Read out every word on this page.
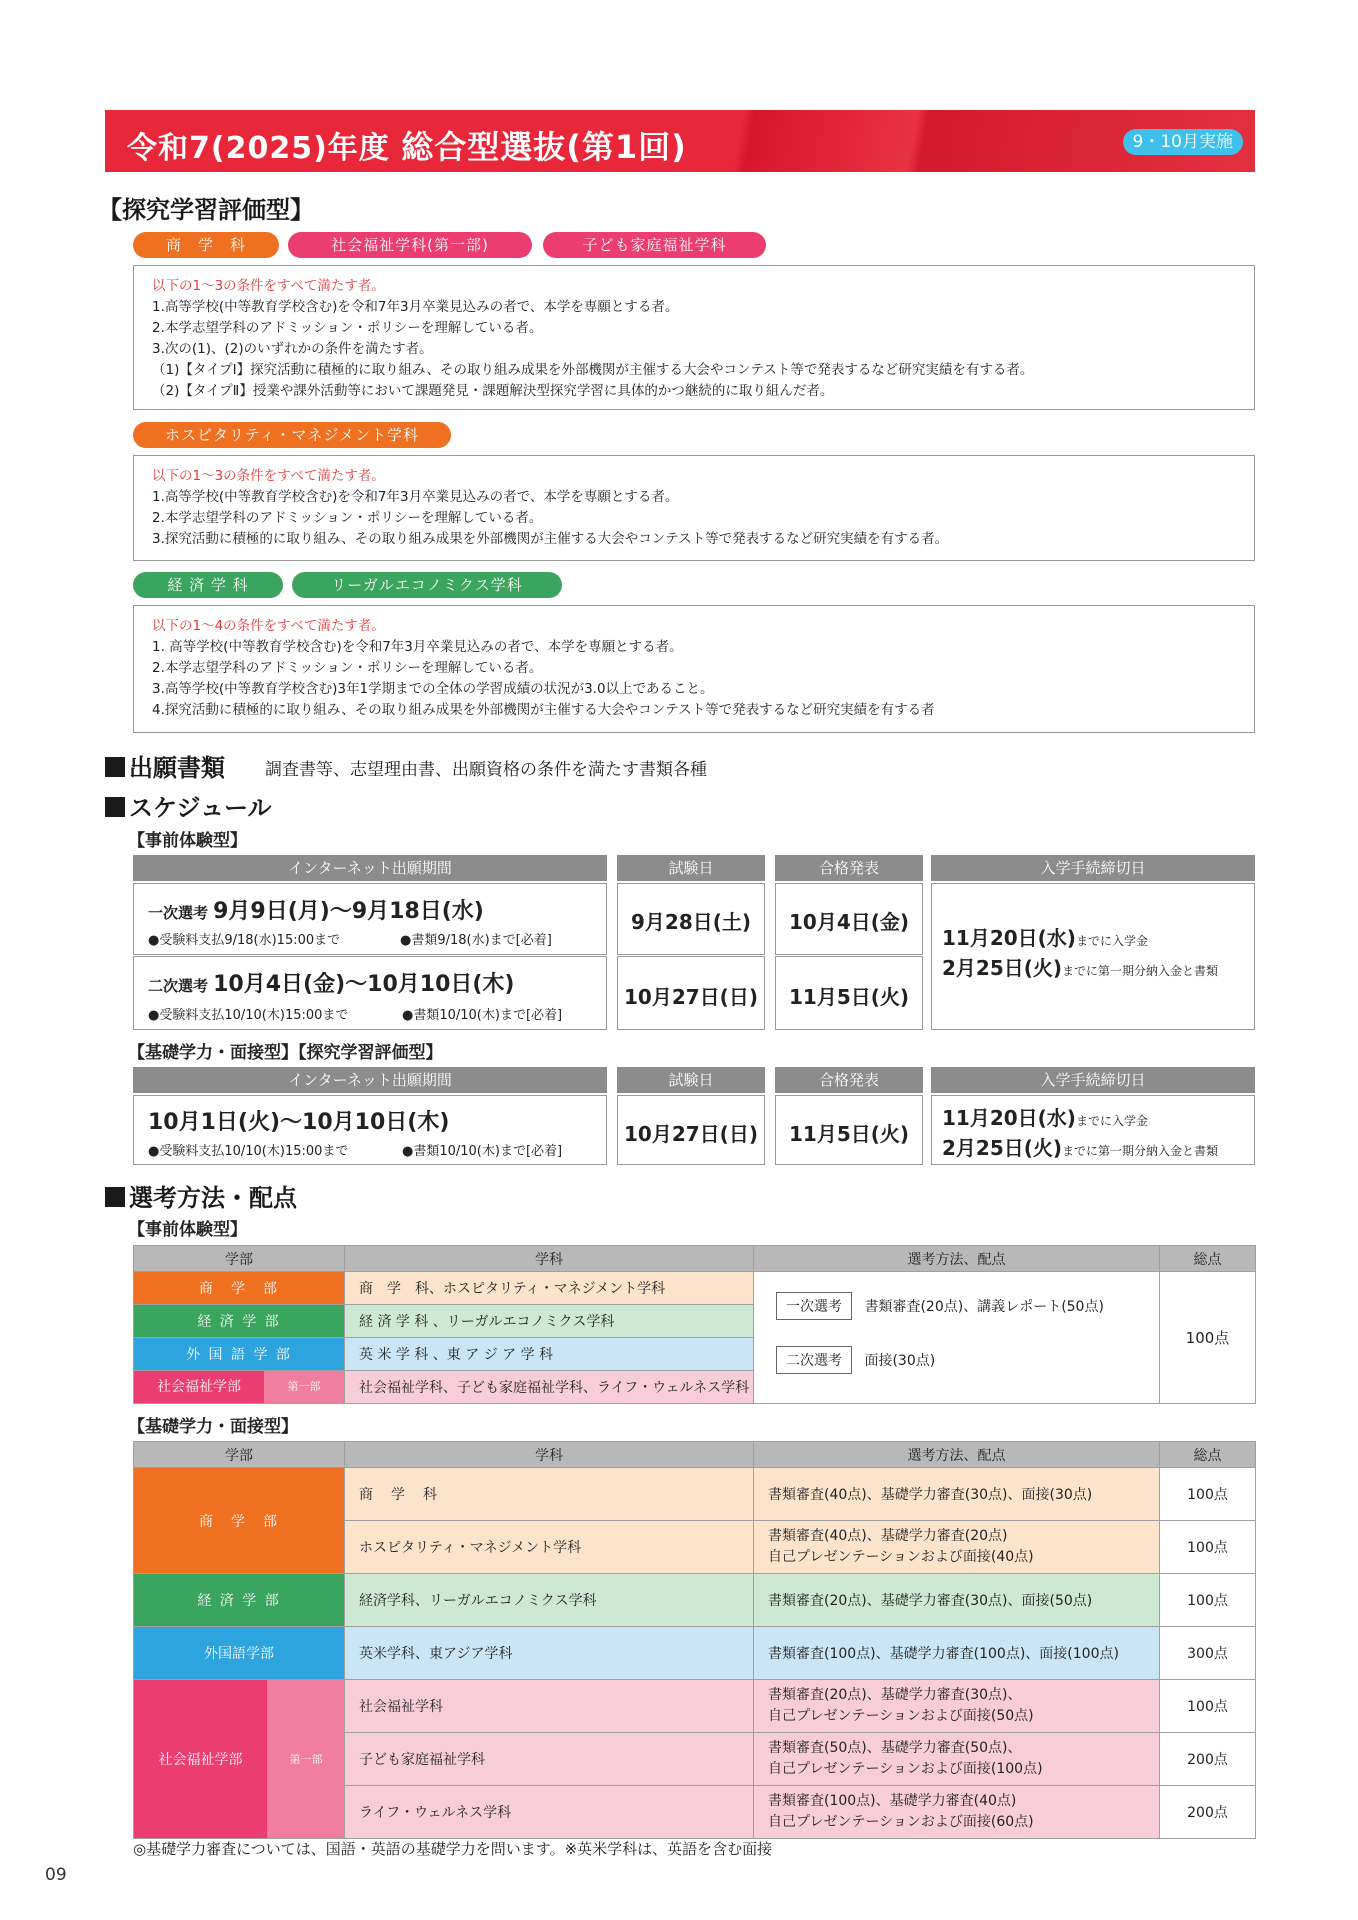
令和7(2025)年度 総合型選抜(第1回)	9・10月実施
【探究学習評価型】
商　学　科	社会福祉学科(第一部)	子ども家庭福祉学科
以下の1～3の条件をすべて満たす者。
1.高等学校(中等教育学校含む)を令和7年3月卒業見込みの者で、本学を専願とする者。
2.本学志望学科のアドミッション・ポリシーを理解している者。
3.次の(1)、(2)のいずれかの条件を満たす者。
（1)【タイプⅠ】探究活動に積極的に取り組み、その取り組み成果を外部機関が主催する大会やコンテスト等で発表するなど研究実績を有する者。
（2)【タイプⅡ】授業や課外活動等において課題発見・課題解決型探究学習に具体的かつ継続的に取り組んだ者。
ホスピタリティ・マネジメント学科
以下の1～3の条件をすべて満たす者。
1.高等学校(中等教育学校含む)を令和7年3月卒業見込みの者で、本学を専願とする者。
2.本学志望学科のアドミッション・ポリシーを理解している者。
3.探究活動に積極的に取り組み、その取り組み成果を外部機関が主催する大会やコンテスト等で発表するなど研究実績を有する者。
経 済 学 科	リーガルエコノミクス学科
以下の1～4の条件をすべて満たす者。
1. 高等学校(中等教育学校含む)を令和7年3月卒業見込みの者で、本学を専願とする者。
2.本学志望学科のアドミッション・ポリシーを理解している者。
3.高等学校(中等教育学校含む)3年1学期までの全体の学習成績の状況が3.0以上であること。
4.探究活動に積極的に取り組み、その取り組み成果を外部機関が主催する大会やコンテスト等で発表するなど研究実績を有する者
出願書類 調査書等、志望理由書、出願資格の条件を満たす書類各種
スケジュール
【事前体験型】
インターネット出願期間	試験日	合格発表	入学手続締切日
一次選考 9月9日(月)～9月18日(水)
●受験料支払9/18(水)15:00まで	●書類9/18(水)まで[必着]
9月28日(土)	10月4日(金)
二次選考 10月4日(金)～10月10日(木)
●受験料支払10/10(木)15:00まで	●書類10/10(木)まで[必着]
10月27日(日)	11月5日(火)
11月20日(水)までに入学金
2月25日(火)までに第一期分納入金と書類
【基礎学力・面接型】【探究学習評価型】
インターネット出願期間	試験日	合格発表	入学手続締切日
10月1日(火)～10月10日(木)
●受験料支払10/10(木)15:00まで	●書類10/10(木)まで[必着]
10月27日(日)	11月5日(火)
11月20日(水)までに入学金
2月25日(火)までに第一期分納入金と書類
選考方法・配点
【事前体験型】
学部	学科	選考方法、配点	総点
商　学　部	商　学　科、ホスピタリティ・マネジメント学科	一次選考 書類審査(20点)、講義レポート(50点)
二次選考 面接(30点)	100点
経 済 学 部	経 済 学 科 、リーガルエコノミクス学科		
外 国 語 学 部	英 米 学 科 、東 ア ジ ア 学 科		

社会福祉学部 第一部	社会福祉学科、子ども家庭福祉学科、ライフ・ウェルネス学科		
【基礎学力・面接型】
学部		学科	選考方法、配点	総点
商　学　部		商　学　科	書類審査(40点)、基礎学力審査(30点)、面接(30点)	100点
		ホスピタリティ・マネジメント学科	書類審査(40点)、基礎学力審査(20点)
自己プレゼンテーションおよび面接(40点)	100点
経 済 学 部		経済学科、リーガルエコノミクス学科	書類審査(20点)、基礎学力審査(30点)、面接(50点)	100点
外国語学部		英米学科、東アジア学科	書類審査(100点)、基礎学力審査(100点)、面接(100点)	300点
社会福祉学部	第一部	社会福祉学科	書類審査(20点)、基礎学力審査(30点)、
自己プレゼンテーションおよび面接(50点)	100点
		子ども家庭福祉学科	書類審査(50点)、基礎学力審査(50点)、
自己プレゼンテーションおよび面接(100点)	200点
		ライフ・ウェルネス学科	書類審査(100点)、基礎学力審査(40点)
自己プレゼンテーションおよび面接(60点)	200点
◎基礎学力審査については、国語・英語の基礎学力を問います。※英米学科は、英語を含む面接
09
